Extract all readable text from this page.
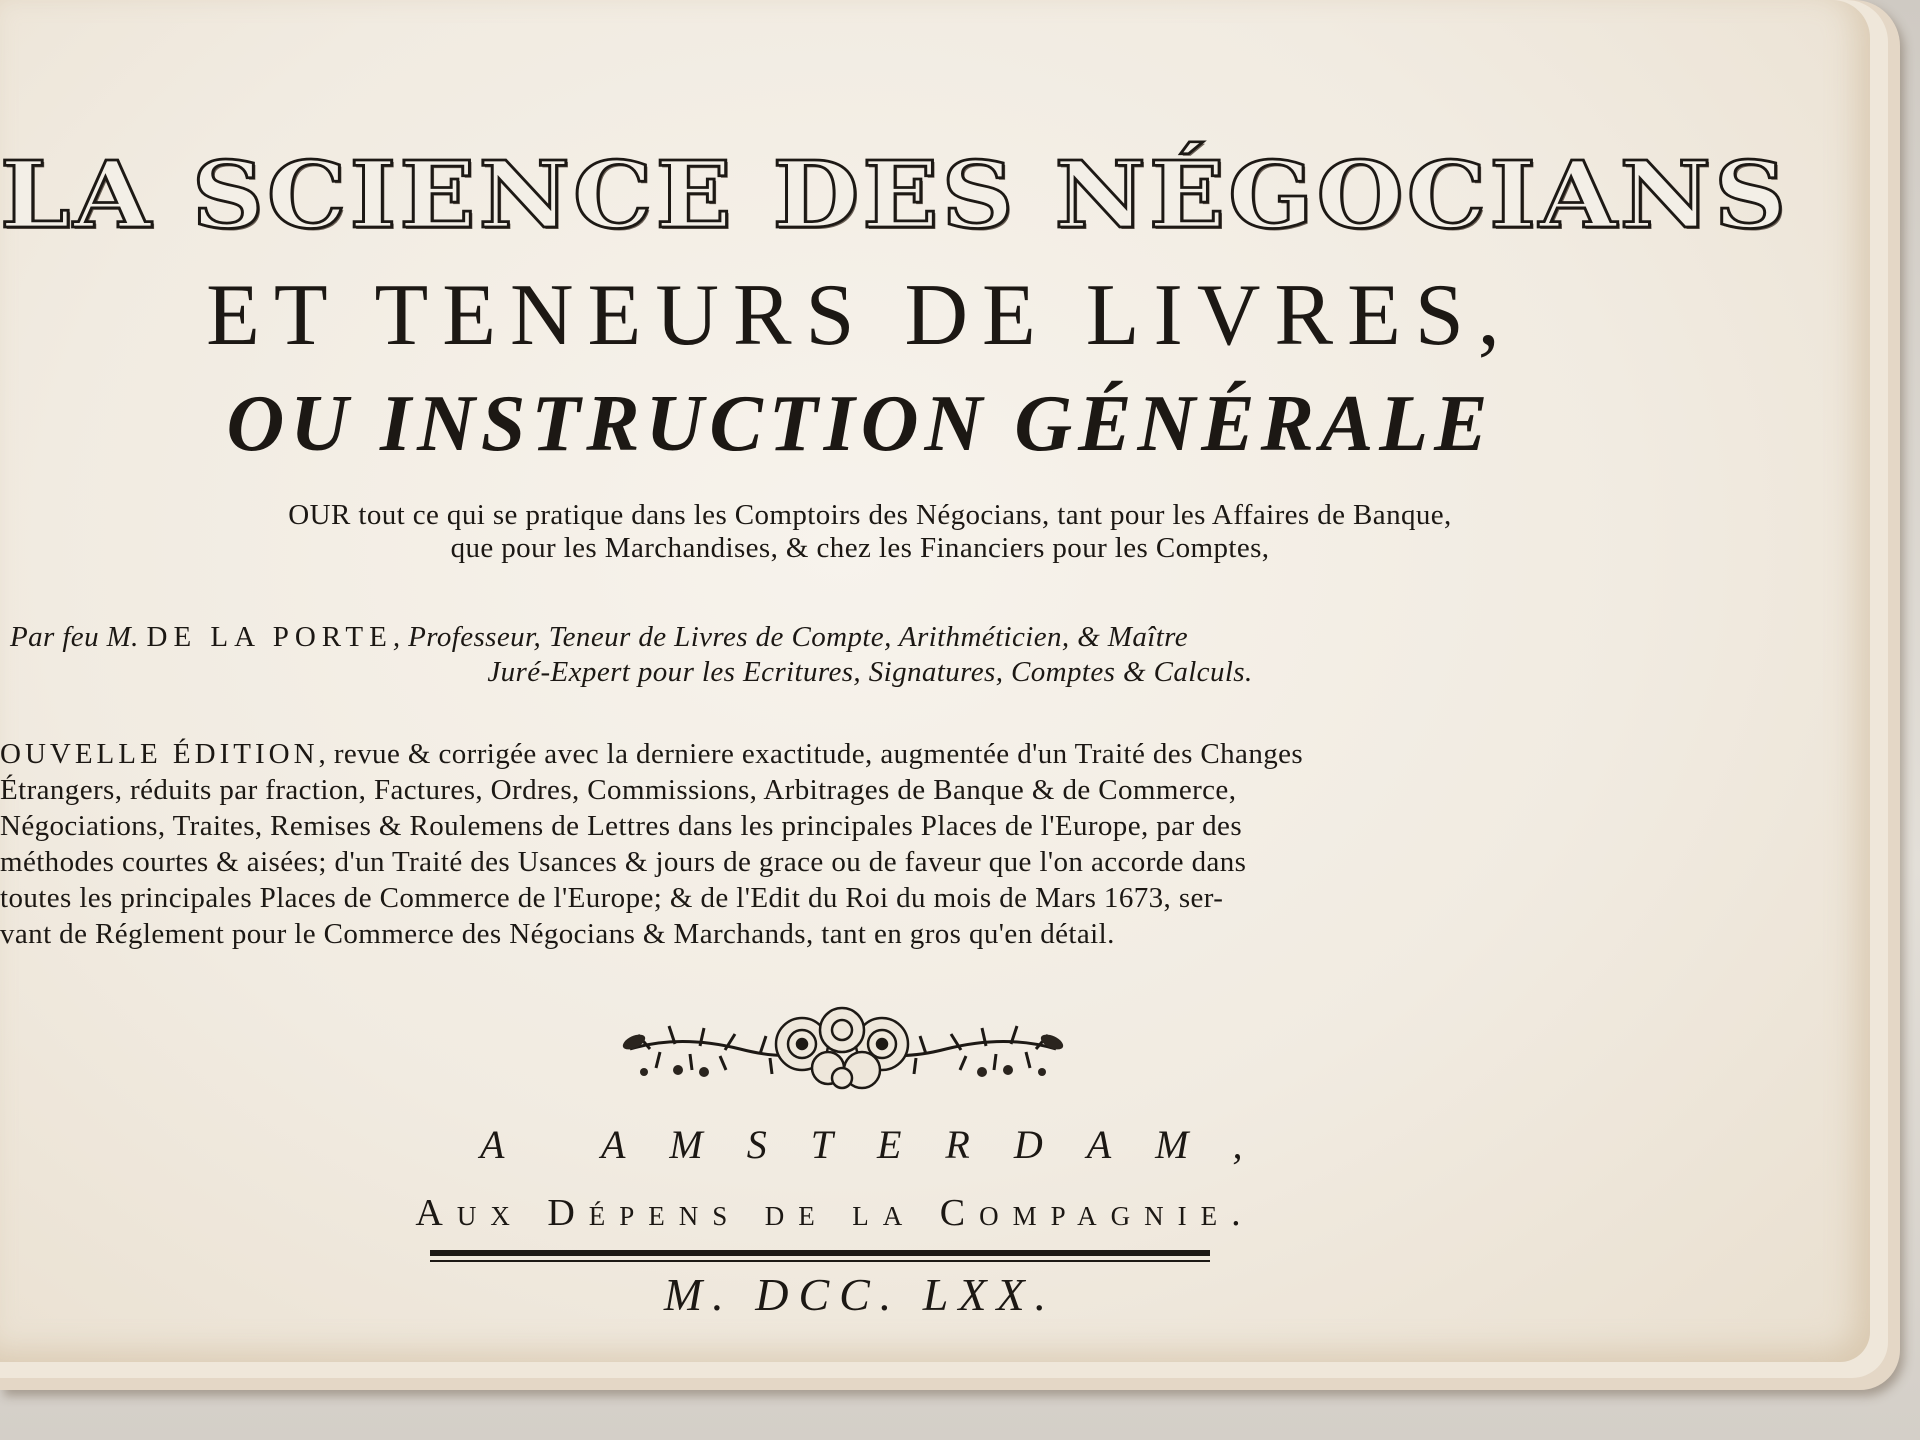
LA SCIENCE DES NÉGOCIANS

ET TENEURS DE LIVRES,

OU INSTRUCTION GÉNÉRALE

OUR tout ce qui se pratique dans les Comptoirs des Négocians, tant pour les Affaires de Banque,

que pour les Marchandises, & chez les Financiers pour les Comptes,

Par feu M. DE LA PORTE, Professeur, Teneur de Livres de Compte, Arithméticien, & Maître

Juré-Expert pour les Ecritures, Signatures, Comptes & Calculs.

OUVELLE ÉDITION, revue & corrigée avec la derniere exactitude, augmentée d'un Traité des Changes

Étrangers, réduits par fraction, Factures, Ordres, Commissions, Arbitrages de Banque & de Commerce,

Négociations, Traites, Remises & Roulemens de Lettres dans les principales Places de l'Europe, par des

méthodes courtes & aisées; d'un Traité des Usances & jours de grace ou de faveur que l'on accorde dans

toutes les principales Places de Commerce de l'Europe; & de l'Edit du Roi du mois de Mars 1673, ser-

vant de Réglement pour le Commerce des Négocians & Marchands, tant en gros qu'en détail.

A AMSTERDAM,

Aux Dépens de la Compagnie.

M. DCC. LXX.
